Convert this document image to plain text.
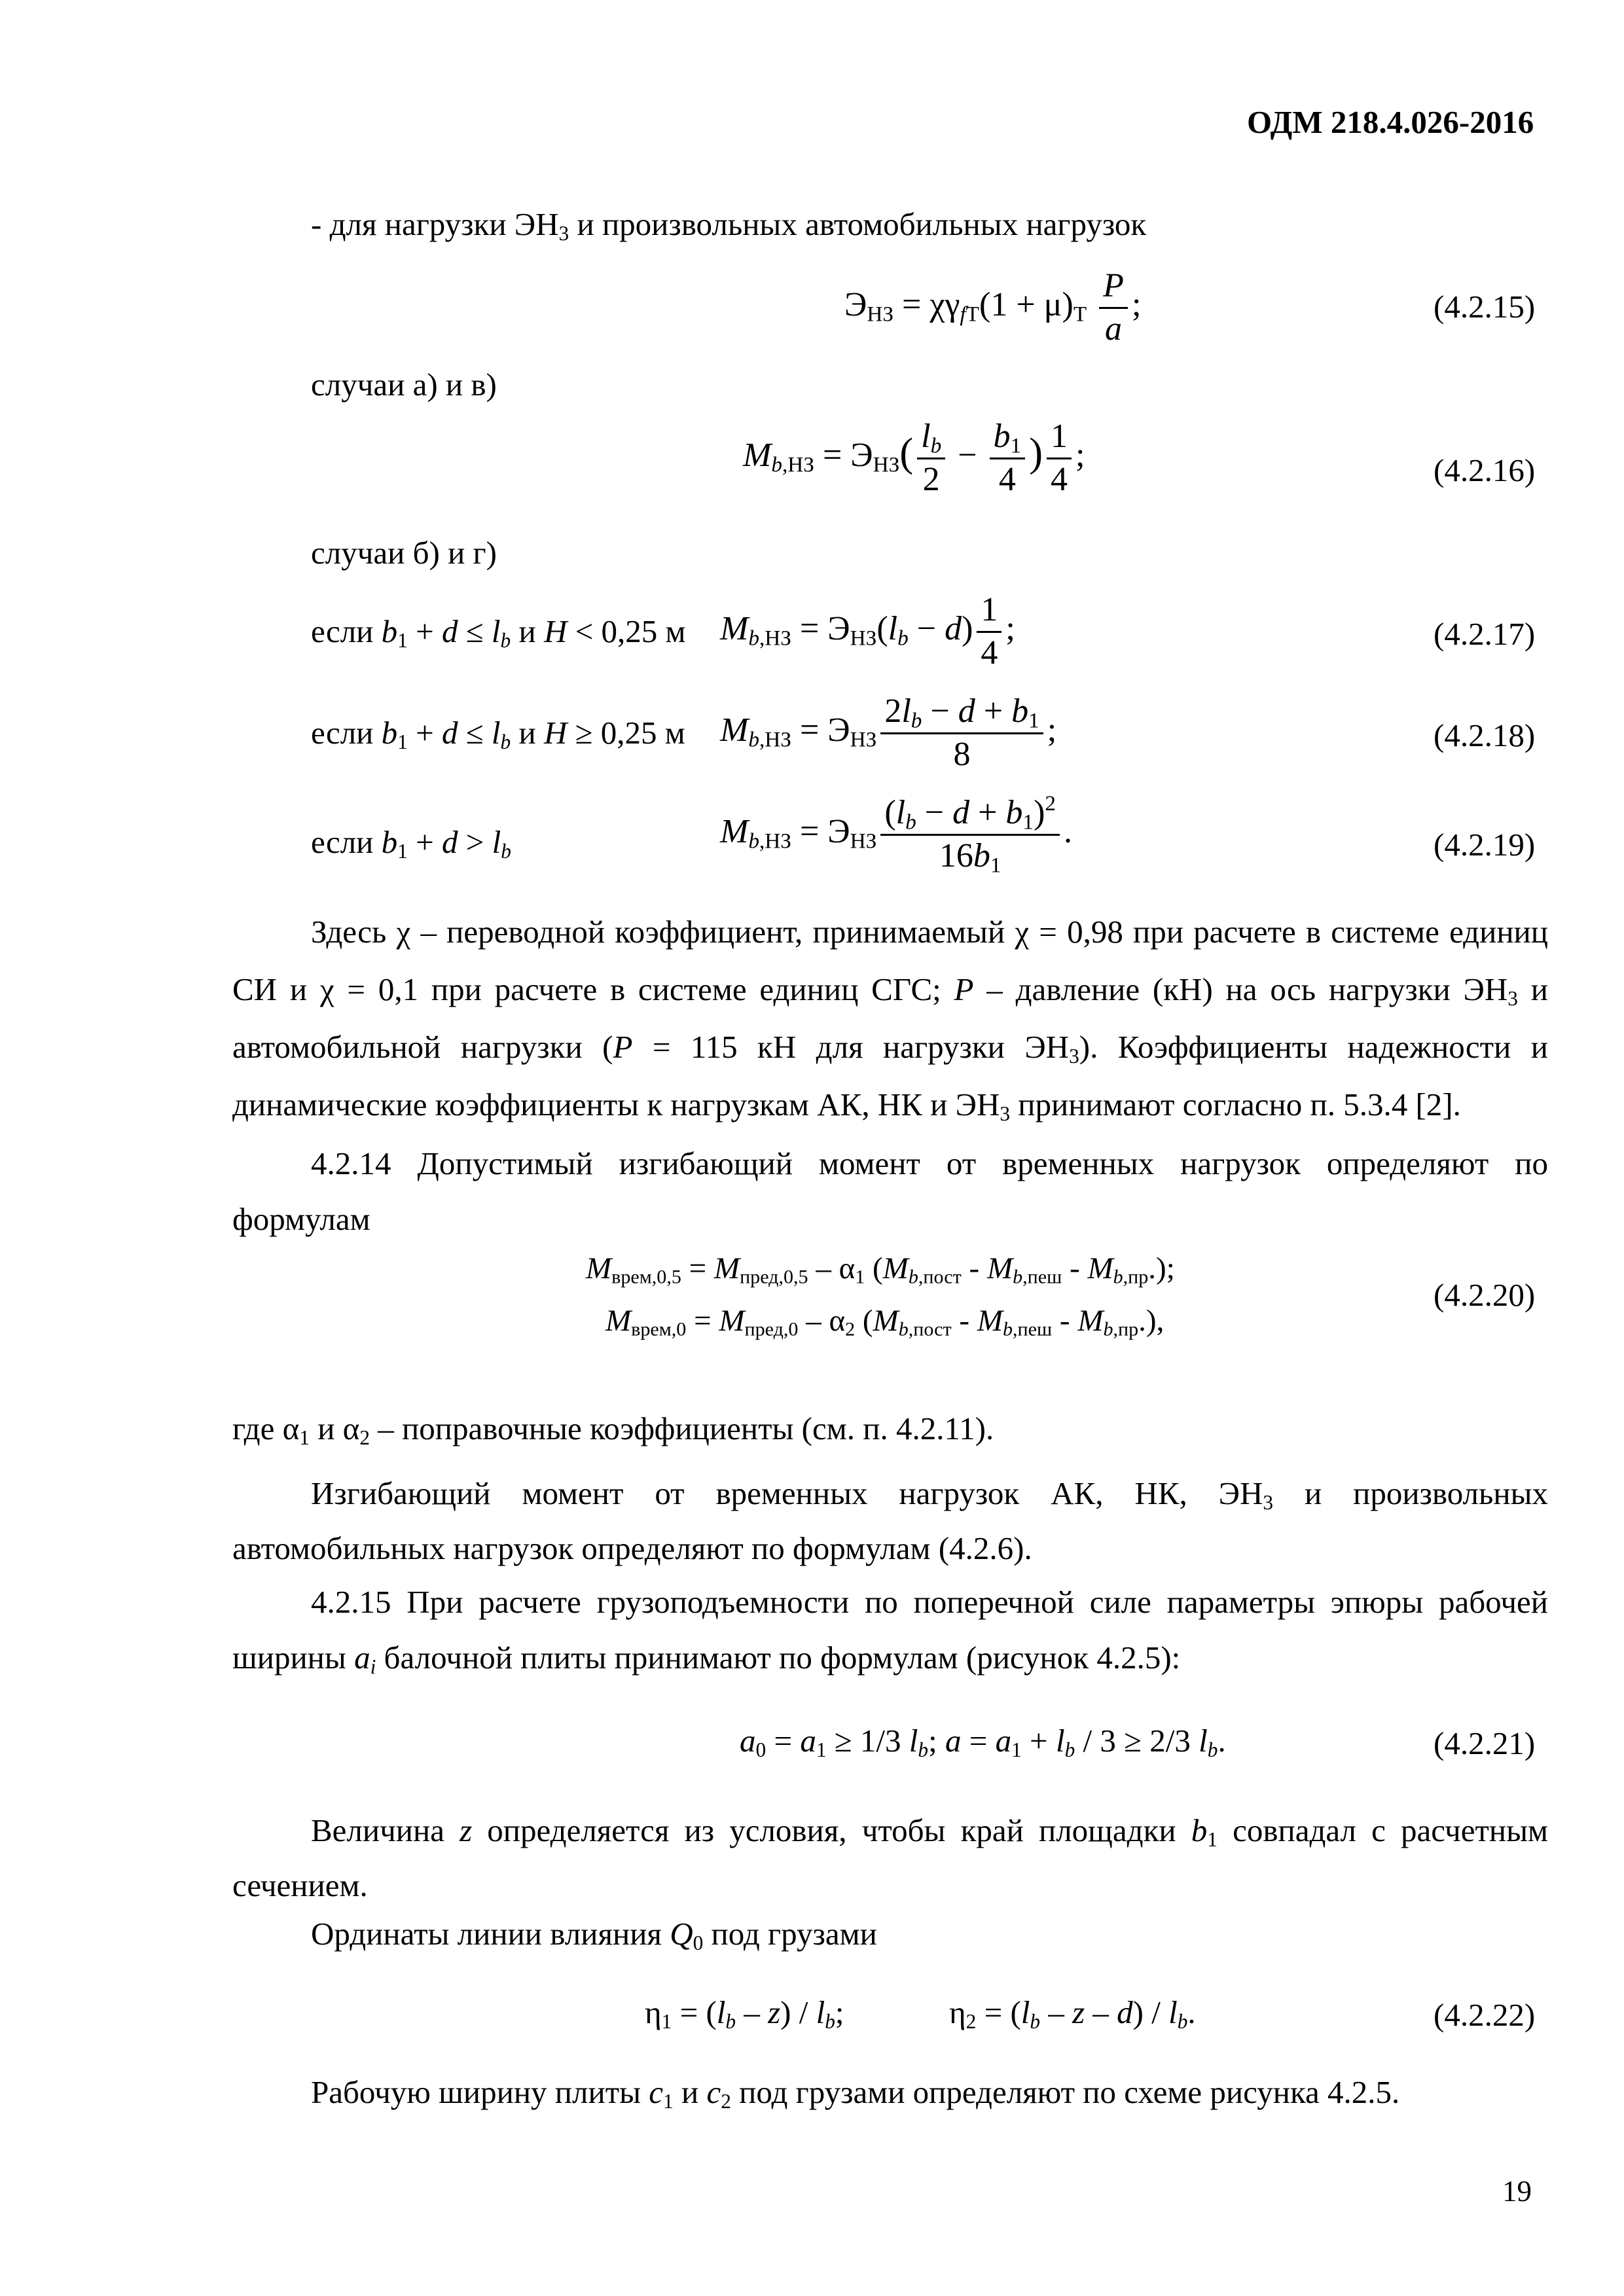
ОДМ 218.4.026-2016
- для нагрузки $ЭН_3$ и произвольных автомобильных нагрузок
$Э_{НЗ} = \chi\gamma_{fТ}(1 + \mu)_Т \frac{P}{a}$ ;	(4.2.15)
случаи а) и в)
$M_{b,НЗ} = Э_{НЗ}( \frac{l_b}{2} - \frac{b_1}{4}$ ) $\frac{1}{4}$ ;	(4.2.16)
случаи б) и г)
если $b_1 + d \le l_b$ и H < 0,25 м $M_{b,НЗ} = Э_{НЗ}(l_b - d) \frac{1}{4}$ ;	(4.2.17)
если $b_1 + d \le l_b$ и H ≥ 0,25 м $M_{b,НЗ} = Э_{НЗ} \frac{2l_b - d + b_1}{8}$ ;	(4.2.18)
если $b_1 + d > l_b$
$M_{b,НЗ} = Э_{НЗ} \frac{(l_b - d + b_1)^2}{16b_1}$ .	(4.2.19)
Здесь χ – переводной коэффициент, принимаемый χ = 0,98 при расчете в системе единиц СИ и χ = 0,1 при расчете в системе единиц СГС; P – давление (кН) на ось нагрузки $ЭН_3$ и автомобильной нагрузки (P = 115 кН для нагрузки $ЭН_3$). Коэффициенты надежности и динамические коэффициенты к нагрузкам АК, НК и $ЭН_3$ принимают согласно п. 5.3.4 [2].
4.2.14 Допустимый изгибающий момент от временных нагрузок определяют по формулам
$M_{врем,0,5} = M_{пред,0,5} - \alpha_1$ $(M_{b,пост} - M_{b,пеш} - M_{b,пр}.)$;
$M_{врем,0} = M_{пред,0} - \alpha_2$ $(M_{b,пост} - M_{b,пеш} - M_{b,пр}.)$,
(4.2.20)
где $\alpha_1$ и $\alpha_2$ – поправочные коэффициенты (см. п. 4.2.11).
Изгибающий момент от временных нагрузок АК, НК, $ЭН_3$ и произвольных автомобильных нагрузок определяют по формулам (4.2.6).
4.2.15 При расчете грузоподъемности по поперечной силе параметры эпюры рабочей ширины $a_i$ балочной плиты принимают по формулам (рисунок 4.2.5):
$a_0 = a_1 \ge 1/3$ $l_b$; $a = a_1 + l_b / 3 \ge 2/3$ $l_b$.	(4.2.21)
Величина z определяется из условия, чтобы край площадки $b_1$ совпадал с расчетным сечением.
Ординаты линии влияния $Q_0$ под грузами
$\eta_1 = (l_b - z) / l_b$;	$\eta_2 = (l_b - z - d) / l_b$.	(4.2.22)
Рабочую ширину плиты $c_1$ и $c_2$ под грузами определяют по схеме рисунка 4.2.5.
19
